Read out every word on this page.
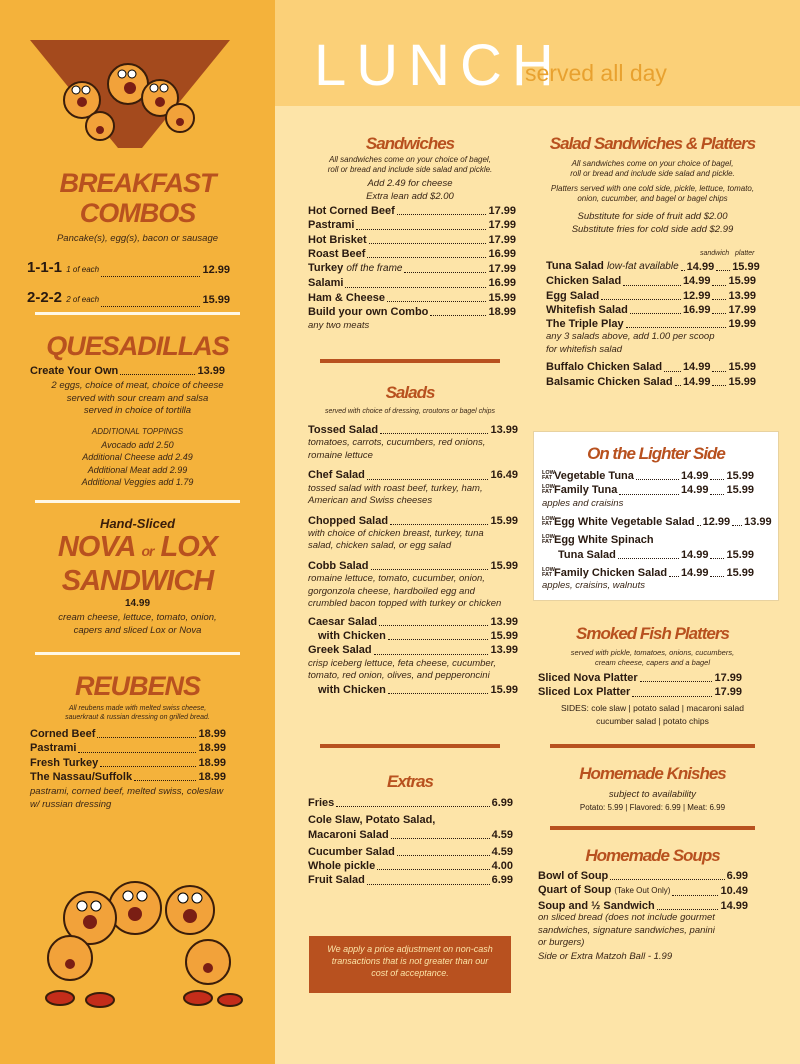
LUNCH
served all day
BREAKFAST
COMBOS
Pancake(s), egg(s), bacon or sausage
1-1-1 1 of each	12.99
2-2-2 2 of each	15.99
QUESADILLAS
Create Your Own	13.99
2 eggs, choice of meat, choice of cheese
served with sour cream and salsa
served in choice of tortilla
ADDITIONAL TOPPINGS
Avocado add 2.50
Additional Cheese add 2.49
Additional Meat add 2.99
Additional Veggies add 1.79
Hand-Sliced
NOVA or LOX
SANDWICH
14.99
cream cheese, lettuce, tomato, onion,
capers and sliced Lox or Nova
REUBENS
All reubens made with melted swiss cheese,
sauerkraut & russian dressing on grilled bread.
Corned Beef	18.99
Pastrami	18.99
Fresh Turkey	18.99
The Nassau/Suffolk	18.99
pastrami, corned beef, melted swiss, coleslaw
w/ russian dressing
Sandwiches
All sandwiches come on your choice of bagel,
roll or bread and include side salad and pickle.
Add 2.49 for cheese
Extra lean add $2.00
Hot Corned Beef	17.99
Pastrami	17.99
Hot Brisket	17.99
Roast Beef	16.99
Turkey off the frame	17.99
Salami	16.99
Ham & Cheese	15.99
Build your own Combo	18.99
any two meats
Salads
served with choice of dressing, croutons or bagel chips
Tossed Salad	13.99
tomatoes, carrots, cucumbers, red onions,
romaine lettuce
Chef Salad	16.49
tossed salad with roast beef, turkey, ham,
American and Swiss cheeses
Chopped Salad	15.99
with choice of chicken breast, turkey, tuna
salad, chicken salad, or egg salad
Cobb Salad	15.99
romaine lettuce, tomato, cucumber, onion,
gorgonzola cheese, hardboiled egg and
crumbled bacon topped with turkey or chicken
Caesar Salad	13.99
with Chicken	15.99
Greek Salad	13.99
crisp iceberg lettuce, feta cheese, cucumber,
tomato, red onion, olives, and pepperoncini
with Chicken	15.99
Extras
Fries	6.99
Cole Slaw, Potato Salad,
Macaroni Salad	4.59
Cucumber Salad	4.59
Whole pickle	4.00
Fruit Salad	6.99
We apply a price adjustment on non-cash
transactions that is not greater than our
cost of acceptance.
Salad Sandwiches & Platters
All sandwiches come on your choice of bagel,
roll or bread and include side salad and pickle.
Platters served with one cold side, pickle, lettuce, tomato,
onion, cucumber, and bagel or bagel chips
Substitute for side of fruit add $2.00
Substitute fries for cold side add $2.99
sandwich platter
Tuna Salad low-fat available 14.99 15.99
Chicken Salad	14.99 15.99
Egg Salad	12.99 13.99
Whitefish Salad	16.99 17.99
The Triple Play	19.99
any 3 salads above, add 1.00 per scoop
for whitefish salad
Buffalo Chicken Salad 14.99 15.99
Balsamic Chicken Salad 14.99 15.99
On the Lighter Side
LOW
FAT Vegetable Tuna	14.99 15.99
LOW
FAT Family Tuna	14.99 15.99
apples and craisins
LOW
FAT Egg White Vegetable Salad 12.99 13.99
LOW
FAT Egg White Spinach
Tuna Salad	14.99 15.99
LOW
FAT Family Chicken Salad 14.99 15.99
apples, craisins, walnuts
Smoked Fish Platters
served with pickle, tomatoes, onions, cucumbers,
cream cheese, capers and a bagel
Sliced Nova Platter	17.99
Sliced Lox Platter	17.99
SIDES: cole slaw | potato salad | macaroni salad
cucumber salad | potato chips
Homemade Knishes
subject to availability
Potato: 5.99 | Flavored: 6.99 | Meat: 6.99
Homemade Soups
Bowl of Soup	6.99
Quart of Soup (Take Out Only)	10.49
Soup and ½ Sandwich	14.99
on sliced bread (does not include gourmet
sandwiches, signature sandwiches, panini
or burgers)
Side or Extra Matzoh Ball - 1.99
